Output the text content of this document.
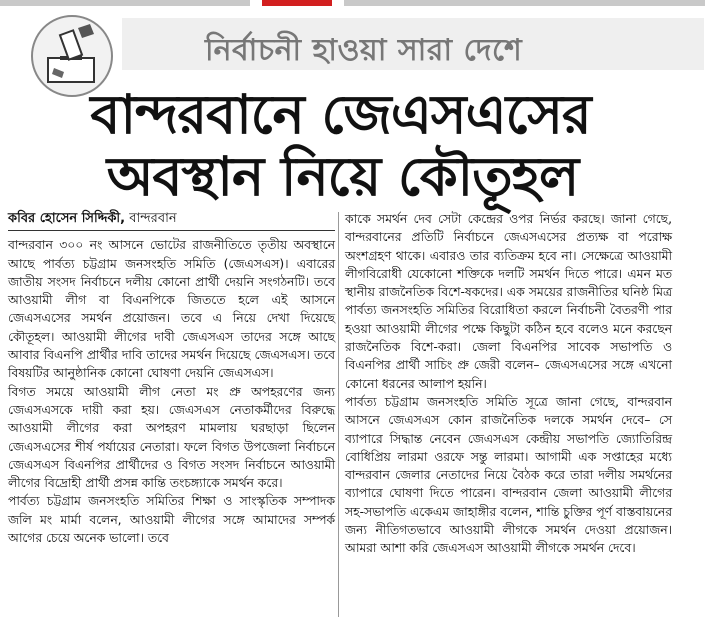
নির্বাচনী হাওয়া সারা দেশে
বান্দরবানে জেএসএসের
অবস্থান নিয়ে কৌতূহল
কবির হোসেন সিদ্দিকী, বান্দরবান

বান্দরবান ৩০০ নং আসনে ভোটের রাজনীতিতে তৃতীয় অবস্থানে আছে পার্বত্য চট্টগ্রাম জনসংহতি সমিতি (জেএসএস)। এবারের জাতীয় সংসদ নির্বাচনে দলীয় কোনো প্রার্থী দেয়নি সংগঠনটি। তবে আওয়ামী লীগ বা বিএনপিকে জিততে হলে এই আসনে জেএসএসের সমর্থন প্রয়োজন। তবে এ নিয়ে দেখা দিয়েছে কৌতূহল। আওয়ামী লীগের দাবী জেএসএস তাদের সঙ্গে আছে আবার বিএনপি প্রার্থীর দাবি তাদের সমর্থন দিয়েছে জেএসএস। তবে বিষয়টির আনুষ্ঠানিক কোনো ঘোষণা দেয়নি জেএসএস।

বিগত সময়ে আওয়ামী লীগ নেতা মং প্রু অপহরণের জন্য জেএসএসকে দায়ী করা হয়। জেএসএস নেতাকর্মীদের বিরুদ্ধে আওয়ামী লীগের করা অপহরণ মামলায় ঘরছাড়া ছিলেন জেএসএসের শীর্ষ পর্যায়ের নেতারা। ফলে বিগত উপজেলা নির্বাচনে জেএসএস বিএনপির প্রার্থীদের ও বিগত সংসদ নির্বাচনে আওয়ামী লীগের বিদ্রোহী প্রার্থী প্রসন্ন কান্তি তংচঙ্গ্যাকে সমর্থন করে।

পার্বত্য চট্টগ্রাম জনসংহতি সমিতির শিক্ষা ও সাংস্কৃতিক সম্পাদক জলি মং মার্মা বলেন, আওয়ামী লীগের সঙ্গে আমাদের সম্পর্ক আগের চেয়ে অনেক ভালো। তবে

কাকে সমর্থন দেব সেটা কেন্দ্রের ওপর নির্ভর করছে। জানা গেছে, বান্দরবানের প্রতিটি নির্বাচনে জেএসএসের প্রত্যক্ষ বা পরোক্ষ অংশগ্রহণ থাকে। এবারও তার ব্যতিক্রম হবে না। সেক্ষেত্রে আওয়ামী লীগবিরোধী যেকোনো শক্তিকে দলটি সমর্থন দিতে পারে। এমন মত স্থানীয় রাজনৈতিক বিশে-ষকদের। এক সময়ের রাজনীতির ঘনিষ্ঠ মিত্র পার্বত্য জনসংহতি সমিতির বিরোধিতা করলে নির্বাচনী বৈতরণী পার হওয়া আওয়ামী লীগের পক্ষে কিছুটা কঠিন হবে বলেও মনে করছেন রাজনৈতিক বিশে-করা। জেলা বিএনপির সাবেক সভাপতি ও বিএনপির প্রার্থী সাচিং প্রু জেরী বলেন– জেএসএসের সঙ্গে এখনো কোনো ধরনের আলাপ হয়নি।

পার্বত্য চট্টগ্রাম জনসংহতি সমিতি সূত্রে জানা গেছে, বান্দরবান আসনে জেএসএস কোন রাজনৈতিক দলকে সমর্থন দেবে– সে ব্যাপারে সিদ্ধান্ত নেবেন জেএসএস কেন্দ্রীয় সভাপতি জ্যোতিরিন্দ্র বোধিপ্রিয় লারমা ওরফে সন্তু লারমা। আগামী এক সপ্তাহের মধ্যে বান্দরবান জেলার নেতাদের নিয়ে বৈঠক করে তারা দলীয় সমর্থনের ব্যাপারে ঘোষণা দিতে পারেন। বান্দরবান জেলা আওয়ামী লীগের সহ-সভাপতি একেএম জাহাঙ্গীর বলেন, শান্তি চুক্তির পূর্ণ বাস্তবায়নের জন্য নীতিগতভাবে আওয়ামী লীগকে সমর্থন দেওয়া প্রয়োজন। আমরা আশা করি জেএসএস আওয়ামী লীগকে সমর্থন দেবে।
